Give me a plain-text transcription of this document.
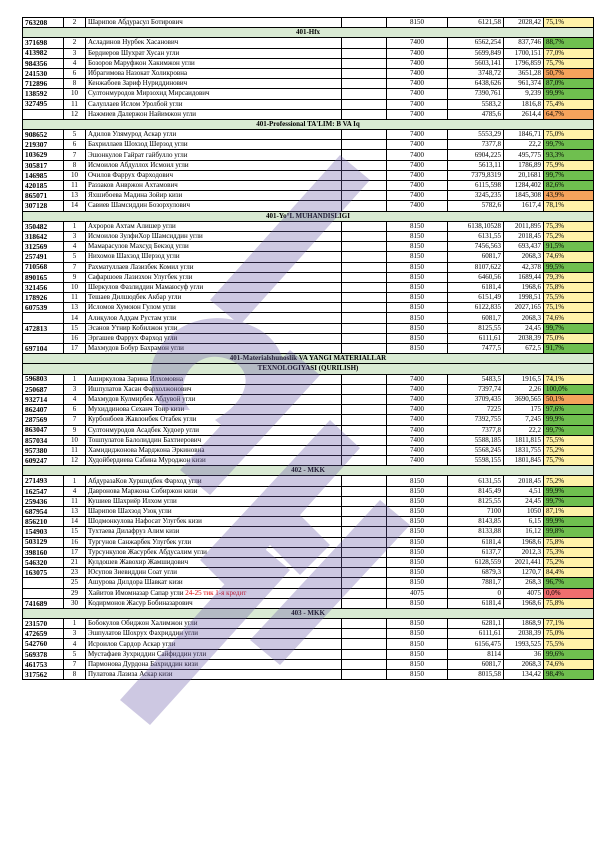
763208	2	Шарипов Абдурасул Ботирович		8150	6121,58	2028,42	75,1%
401-Hfx							
371698	2	Асладинов Нурбек Хасанович		7400	6562,254	837,746	88,7%
413982	3	Бердиеров Шухрат Хусан угли		7400	5699,849	1700,151	77,0%
984356	4	Бозоров Маруфжон Хакимжон угли		7400	5603,141	1796,859	75,7%
241530	6	Ибрагимова Назокат Холикровна		7400	3748,72	3651,28	50,7%
712896	8	Кенжабоев Зариф Нуриддинович		7400	6438,626	961,374	87,0%
138592	10	Султонмуродов Мирзохид Мирсаидович		7400	7390,761	9,239	99,9%
327495	11	Салуллаев Ислом Уролбой угли		7400	5583,2	1816,8	75,4%
	12	Нажмиев Далержон Найимжон угли		7400	4785,6	2614,4	64,7%
401-Professional TA'LIM: B VA Iq							
908652	5	Адилов Улямурод Аскар угли		7400	5553,29	1846,71	75,0%
219307	6	Бахриллаев Шохзод Шерзод угли		7400	7377,8	22,2	99,7%
103629	7	Эшонкулов Гайрат гайбулло угли		7400	6904,225	495,775	93,3%
305817	8	Исмоилов Абдуллох Исмоил угли		7400	5613,11	1786,89	75,9%
146985	10	Очилов Фаррух Фарходович		7400	7379,8319	20,1681	99,7%
420185	11	Раззаков Анвржон Ахтамович		7400	6115,598	1284,402	82,6%
865071	13	Яхшибоева Мадина Зойир кизи		7400	3245,235	1845,308	43,9%
307128	14	Савиев Шамсиддин Бозорхулович		7400	5782,6	1617,4	78,1%
401-Yo°L MUHANDISLIGI							
350482	1	Ахроров Ахтам Алишер угли		8150	6138,10528	2011,895	75,3%
318642	3	Исмоилов ЗулфиХор Шамсиддин угли		8150	6131,55	2018,45	75,2%
312569	4	Мамарасулов Махсуд Бекзод угли		8150	7456,563	693,437	91,5%
257491	5	Нихомов Шахзод Шерзод угли		8150	6081,7	2068,3	74,6%
710568	7	Рахматуллаев Лазизбек Комил угли		8150	8107,622	42,378	99,5%
890165	9	Сафаршоев Лазизхон Улугбек угли		8150	6460,56	1689,44	79,3%
321456	10	Шеркулов Фазлиддин Мамаюсуф угли		8150	6181,4	1968,6	75,8%
178926	11	Тешаев Дилшодбек Акбар угли		8150	6151,49	1998,51	75,5%
607539	13	Исломов Хумоюн Гулом угли		8150	6122,835	2027,165	75,1%
	14	Алиқулов Адҳам Рустам угли		8150	6081,7	2068,3	74,6%
472813	15	Эсанов Утнир Кобилжон угли		8150	8125,55	24,45	99,7%
	16	Эргашев Фаррух Фарход угли		8150	6111,61	2038,39	75,0%
697104	17	Махмудов Бобур Бахрамон угли		8150	7477,5	672,5	91,7%
401-Materialshunoslik VA YANGI MATERIALLAR							
TEXNOLOGIYASI (QURILISH)							
596803	1	Аширкулова Зарина Илхомовна		7400	5483,5	1916,5	74,1%
250687	3	Ишпулатов Хасан Фархолжонович		7400	7397,74	2,26	100,0%
932714	4	Махмудов Кулмирбек Абдувой угли		7400	3709,435	3690,565	50,1%
862407	6	Мухиддинова Сеханч Тоир кизи		7400	7225	175	97,6%
287569	7	Курбонбоев Жавлонбек Отабек угли		7400	7392,755	7,245	99,9%
863047	9	Султонмуродов Асадбек Худоер угли		7400	7377,8	22,2	99,7%
857034	10	Тошпулатов Балолиддин Бахтиерович		7400	5588,185	1811,815	75,5%
957380	11	Хамидиджонова Марджона Эркиновна		7400	5568,245	1831,755	75,2%
609247	12	Худойбердиева Сабина Муроджон кизи		7400	5598,155	1801,845	75,7%
402 - MKK							
271493	1	АбдуразаКов Хуршидбек Фарход угли		8150	6131,55	2018,45	75,2%
162547	4	Давронова Маржона Собиржон кизи		8150	8145,49	4,51	99,9%
259436	11	Кушиев Шахриёр Илхом угли		8150	8125,55	24,45	99,7%
687954	13	Шарипов Шахзод Узоқ угли		8150	7100	1050	87,1%
856210	14	Шодмонкулова Нафосат Улугбек кизи		8150	8143,85	6,15	99,9%
154903	15	Тухтаева Дилафруз Алим кизи		8150	8133,88	16,12	99,8%
503129	16	Тургунов Санжарбек Улугбек угли		8150	6181,4	1968,6	75,8%
398160	17	Турсункулов Жасурбек Абдусалим угли		8150	6137,7	2012,3	75,3%
546320	21	Кулдошев Жавохир Жамшидович		8150	6128,559	2021,441	75,2%
163075	23	Юсупов Зиевиддин Соат угли		8150	6879,3	1270,7	84,4%
	25	Ашурова Дилдора Шавкат кизи		8150	7881,7	268,3	96,7%
	29	Хайитов Имомназар Сапар угли 24-25 тик 1-я кредит		4075	0	4075	0,0%
741689	30	Кодирмонов Жасур Бобиназарович		8150	6181,4	1968,6	75,8%
403 - MKK							
231570	1	Бобокулов Обиджон Халимжон угли		8150	6281,1	1868,9	77,1%
472659	3	Эшпулатов Шохрух Фахриддин угли		8150	6111,61	2038,39	75,0%
542760	4	Исроилов Сардор Аскар угли		8150	6156,475	1993,525	75,5%
569378	5	Мустафаев Зухриддин Сайфиддин угли		8150	8114	36	99,6%
461753	7	Пармонова Дурдона Бахриддин кизи		8150	6081,7	2068,3	74,6%
317562	8	Пулатова Лазиза Аскар кизи		8150	8015,58	134,42	98,4%
